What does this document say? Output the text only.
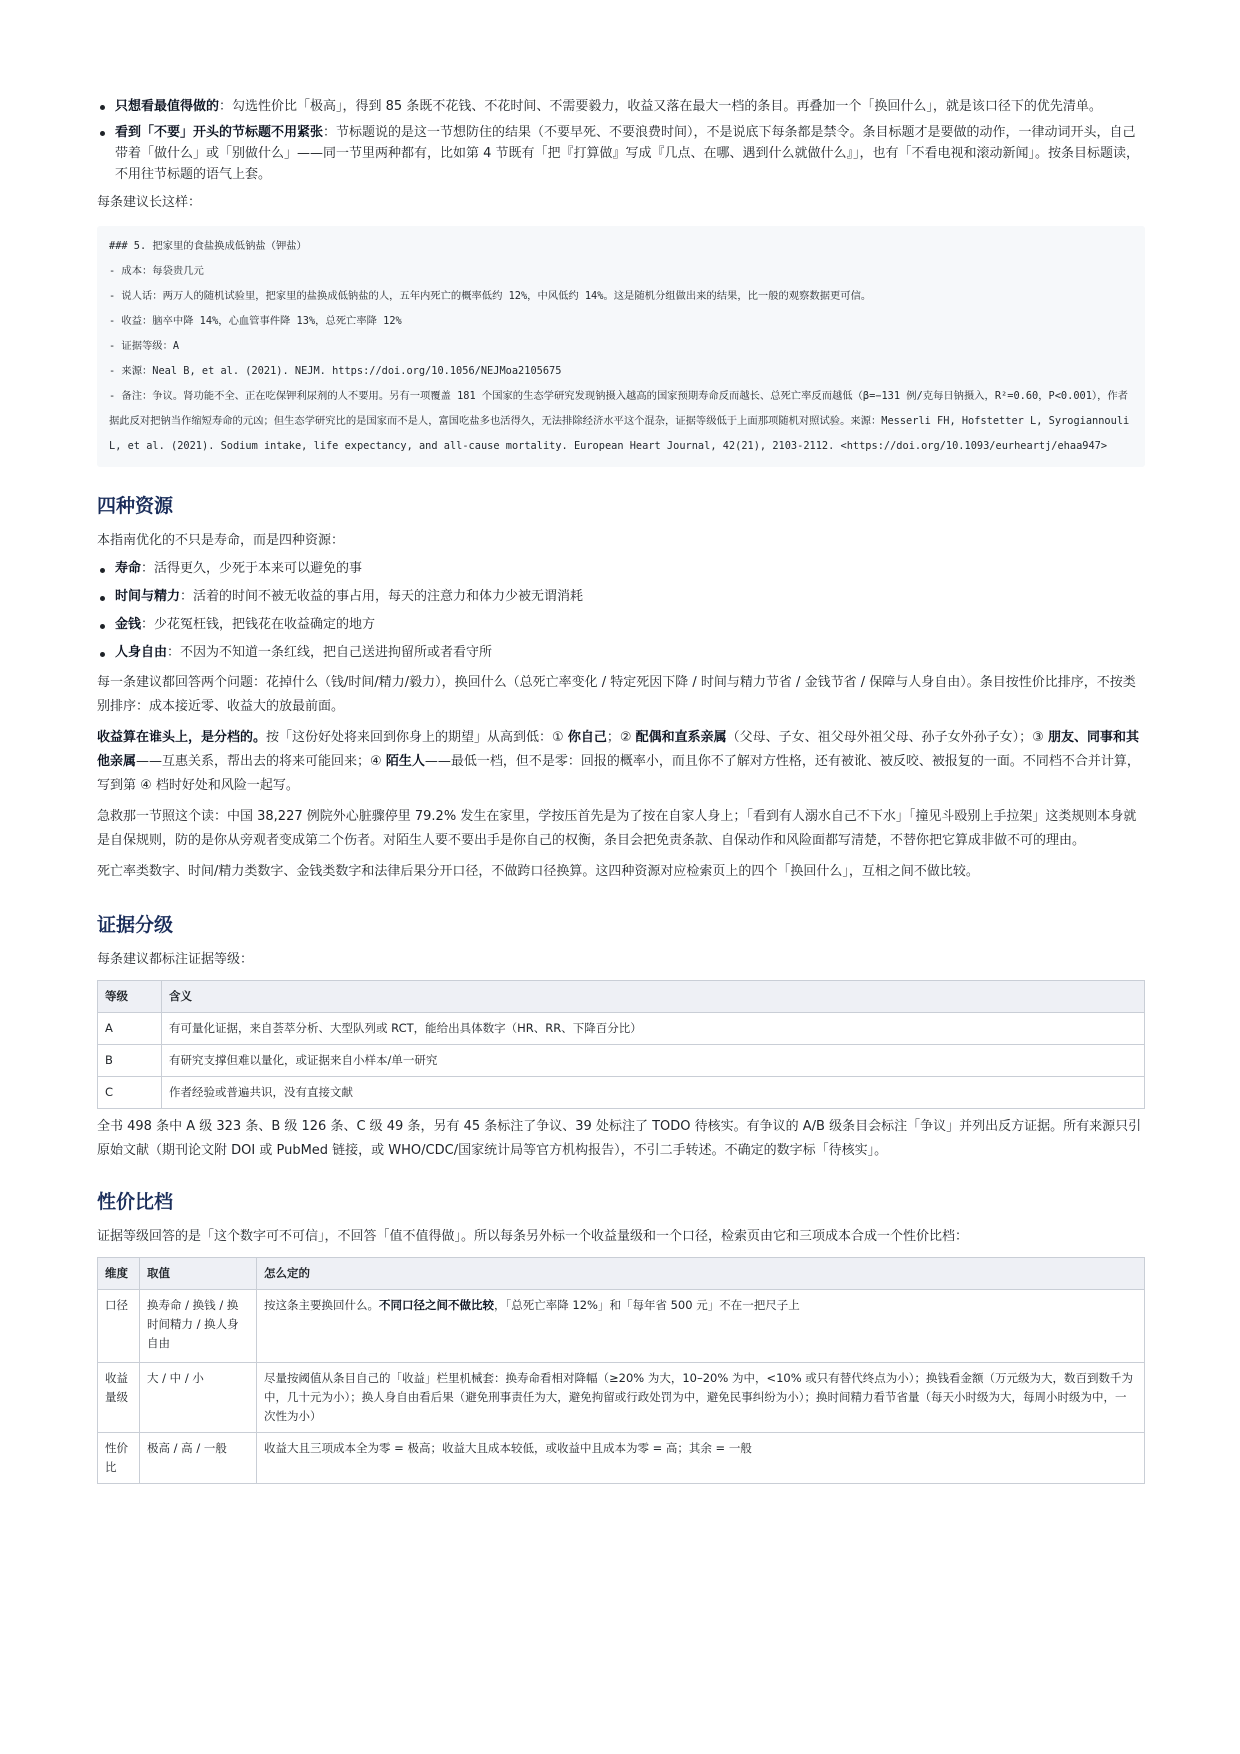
只想看最值得做的：勾选性价比「极高」，得到 85 条既不花钱、不花时间、不需要毅力，收益又落在最大一档的条目。再叠加一个「换回什么」，就是该口径下的优先清单。
看到「不要」开头的节标题不用紧张：节标题说的是这一节想防住的结果（不要早死、不要浪费时间），不是说底下每条都是禁令。条目标题才是要做的动作，一律动词开头，自己带着「做什么」或「别做什么」——同一节里两种都有，比如第 4 节既有「把『打算做』写成『几点、在哪、遇到什么就做什么』」，也有「不看电视和滚动新闻」。按条目标题读，不用往节标题的语气上套。

每条建议长这样：

### 5. 把家里的食盐换成低钠盐（钾盐）
- 成本：每袋贵几元
- 说人话：两万人的随机试验里，把家里的盐换成低钠盐的人，五年内死亡的概率低约 12%，中风低约 14%。这是随机分组做出来的结果，比一般的观察数据更可信。
- 收益：脑卒中降 14%，心血管事件降 13%，总死亡率降 12%
- 证据等级：A
- 来源：Neal B, et al. (2021). NEJM. https://doi.org/10.1056/NEJMoa2105675
- 备注：争议。肾功能不全、正在吃保钾利尿剂的人不要用。另有一项覆盖 181 个国家的生态学研究发现钠摄入越高的国家预期寿命反而越长、总死亡率反而越低（β=−131 例/克每日钠摄入，R²=0.60，P<0.001），作者据此反对把钠当作缩短寿命的元凶；但生态学研究比的是国家而不是人，富国吃盐多也活得久，无法排除经济水平这个混杂，证据等级低于上面那项随机对照试验。来源：Messerli FH, Hofstetter L, Syrogiannouli L, et al. (2021). Sodium intake, life expectancy, and all-cause mortality. European Heart Journal, 42(21), 2103-2112. <https://doi.org/10.1093/eurheartj/ehaa947>
四种资源

本指南优化的不只是寿命，而是四种资源：

寿命：活得更久，少死于本来可以避免的事
时间与精力：活着的时间不被无收益的事占用，每天的注意力和体力少被无谓消耗
金钱：少花冤枉钱，把钱花在收益确定的地方
人身自由：不因为不知道一条红线，把自己送进拘留所或者看守所

每一条建议都回答两个问题：花掉什么（钱/时间/精力/毅力），换回什么（总死亡率变化 / 特定死因下降 / 时间与精力节省 / 金钱节省 / 保障与人身自由）。条目按性价比排序，不按类别排序：成本接近零、收益大的放最前面。

收益算在谁头上，是分档的。按「这份好处将来回到你身上的期望」从高到低：① 你自己；② 配偶和直系亲属（父母、子女、祖父母外祖父母、孙子女外孙子女）；③ 朋友、同事和其他亲属——互惠关系，帮出去的将来可能回来；④ 陌生人——最低一档，但不是零：回报的概率小，而且你不了解对方性格，还有被讹、被反咬、被报复的一面。不同档不合并计算，写到第 ④ 档时好处和风险一起写。

急救那一节照这个读：中国 38,227 例院外心脏骤停里 79.2% 发生在家里，学按压首先是为了按在自家人身上；「看到有人溺水自己不下水」「撞见斗殴别上手拉架」这类规则本身就是自保规则，防的是你从旁观者变成第二个伤者。对陌生人要不要出手是你自己的权衡，条目会把免责条款、自保动作和风险面都写清楚，不替你把它算成非做不可的理由。

死亡率类数字、时间/精力类数字、金钱类数字和法律后果分开口径，不做跨口径换算。这四种资源对应检索页上的四个「换回什么」，互相之间不做比较。

证据分级

每条建议都标注证据等级：

等级	含义
A	有可量化证据，来自荟萃分析、大型队列或 RCT，能给出具体数字（HR、RR、下降百分比）
B	有研究支撑但难以量化，或证据来自小样本/单一研究
C	作者经验或普遍共识，没有直接文献

全书 498 条中 A 级 323 条、B 级 126 条、C 级 49 条，另有 45 条标注了争议、39 处标注了 TODO 待核实。有争议的 A/B 级条目会标注「争议」并列出反方证据。所有来源只引原始文献（期刊论文附 DOI 或 PubMed 链接，或 WHO/CDC/国家统计局等官方机构报告），不引二手转述。不确定的数字标「待核实」。

性价比档

证据等级回答的是「这个数字可不可信」，不回答「值不值得做」。所以每条另外标一个收益量级和一个口径，检索页由它和三项成本合成一个性价比档：

维度	取值	怎么定的
口径	换寿命 / 换钱 / 换时间精力 / 换人身自由	按这条主要换回什么。不同口径之间不做比较，「总死亡率降 12%」和「每年省 500 元」不在一把尺子上
收益量级	大 / 中 / 小	尽量按阈值从条目自己的「收益」栏里机械套：换寿命看相对降幅（≥20% 为大，10–20% 为中，<10% 或只有替代终点为小）；换钱看金额（万元级为大，数百到数千为中，几十元为小）；换人身自由看后果（避免刑事责任为大，避免拘留或行政处罚为中，避免民事纠纷为小）；换时间精力看节省量（每天小时级为大，每周小时级为中，一次性为小）
性价比	极高 / 高 / 一般	收益大且三项成本全为零 = 极高；收益大且成本较低，或收益中且成本为零 = 高；其余 = 一般
